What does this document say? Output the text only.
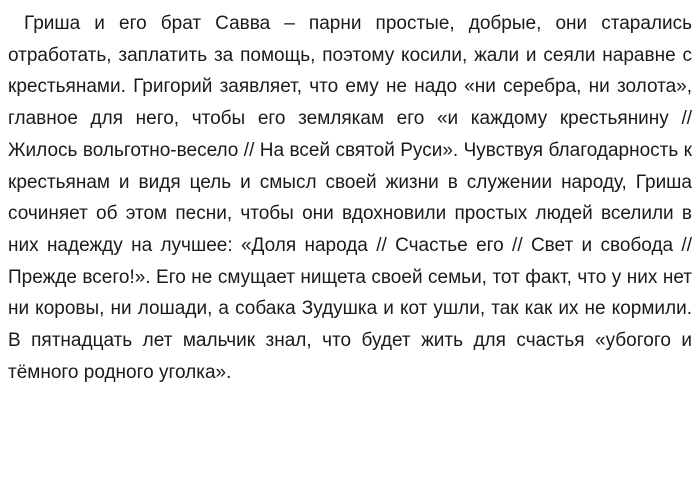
Гриша и его брат Савва – парни простые, добрые, они старались отработать, заплатить за помощь, поэтому косили, жали и сеяли наравне с крестьянами. Григорий заявляет, что ему не надо «ни серебра, ни золота», главное для него, чтобы его землякам его «и каждому крестьянину // Жилось вольготно-весело // На всей святой Руси». Чувствуя благодарность к крестьянам и видя цель и смысл своей жизни в служении народу, Гриша сочиняет об этом песни, чтобы они вдохновили простых людей вселили в них надежду на лучшее: «Доля народа // Счастье его // Свет и свобода // Прежде всего!». Его не смущает нищета своей семьи, тот факт, что у них нет ни коровы, ни лошади, а собака Зудушка и кот ушли, так как их не кормили. В пятнадцать лет мальчик знал, что будет жить для счастья «убогого и тёмного родного уголка».
